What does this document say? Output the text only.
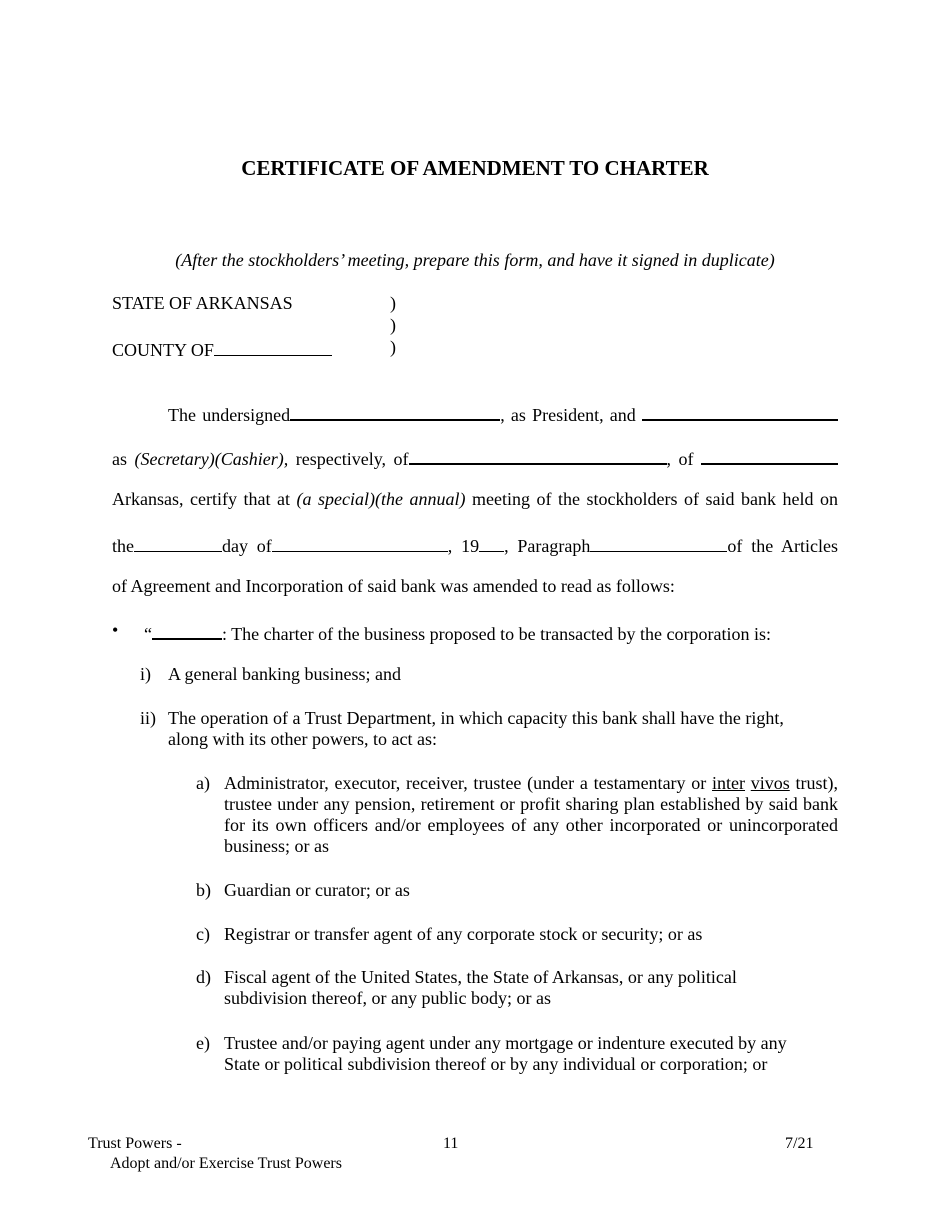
CERTIFICATE OF AMENDMENT TO CHARTER
(After the stockholders’ meeting, prepare this form, and have it signed in duplicate)
STATE OF ARKANSAS	)
)
COUNTY OF	)
The undersigned	, as President, and
as (Secretary)(Cashier), respectively, of	, of
Arkansas, certify that at (a special)(the annual) meeting of the stockholders of said bank held on
the	day of	, 19 , Paragraph	of the Articles
of Agreement and Incorporation of said bank was amended to read as follows:
• “	: The charter of the business proposed to be transacted by the corporation is:
i) A general banking business; and
ii) The operation of a Trust Department, in which capacity this bank shall have the right, along with its other powers, to act as:
a) Administrator, executor, receiver, trustee (under a testamentary or inter vivos trust), trustee under any pension, retirement or profit sharing plan established by said bank for its own officers and/or employees of any other incorporated or unincorporated business; or as
b) Guardian or curator; or as
c) Registrar or transfer agent of any corporate stock or security; or as
d) Fiscal agent of the United States, the State of Arkansas, or any political subdivision thereof, or any public body; or as
e) Trustee and/or paying agent under any mortgage or indenture executed by any State or political subdivision thereof or by any individual or corporation; or
Trust Powers -
Adopt and/or Exercise Trust Powers
11	7/21
